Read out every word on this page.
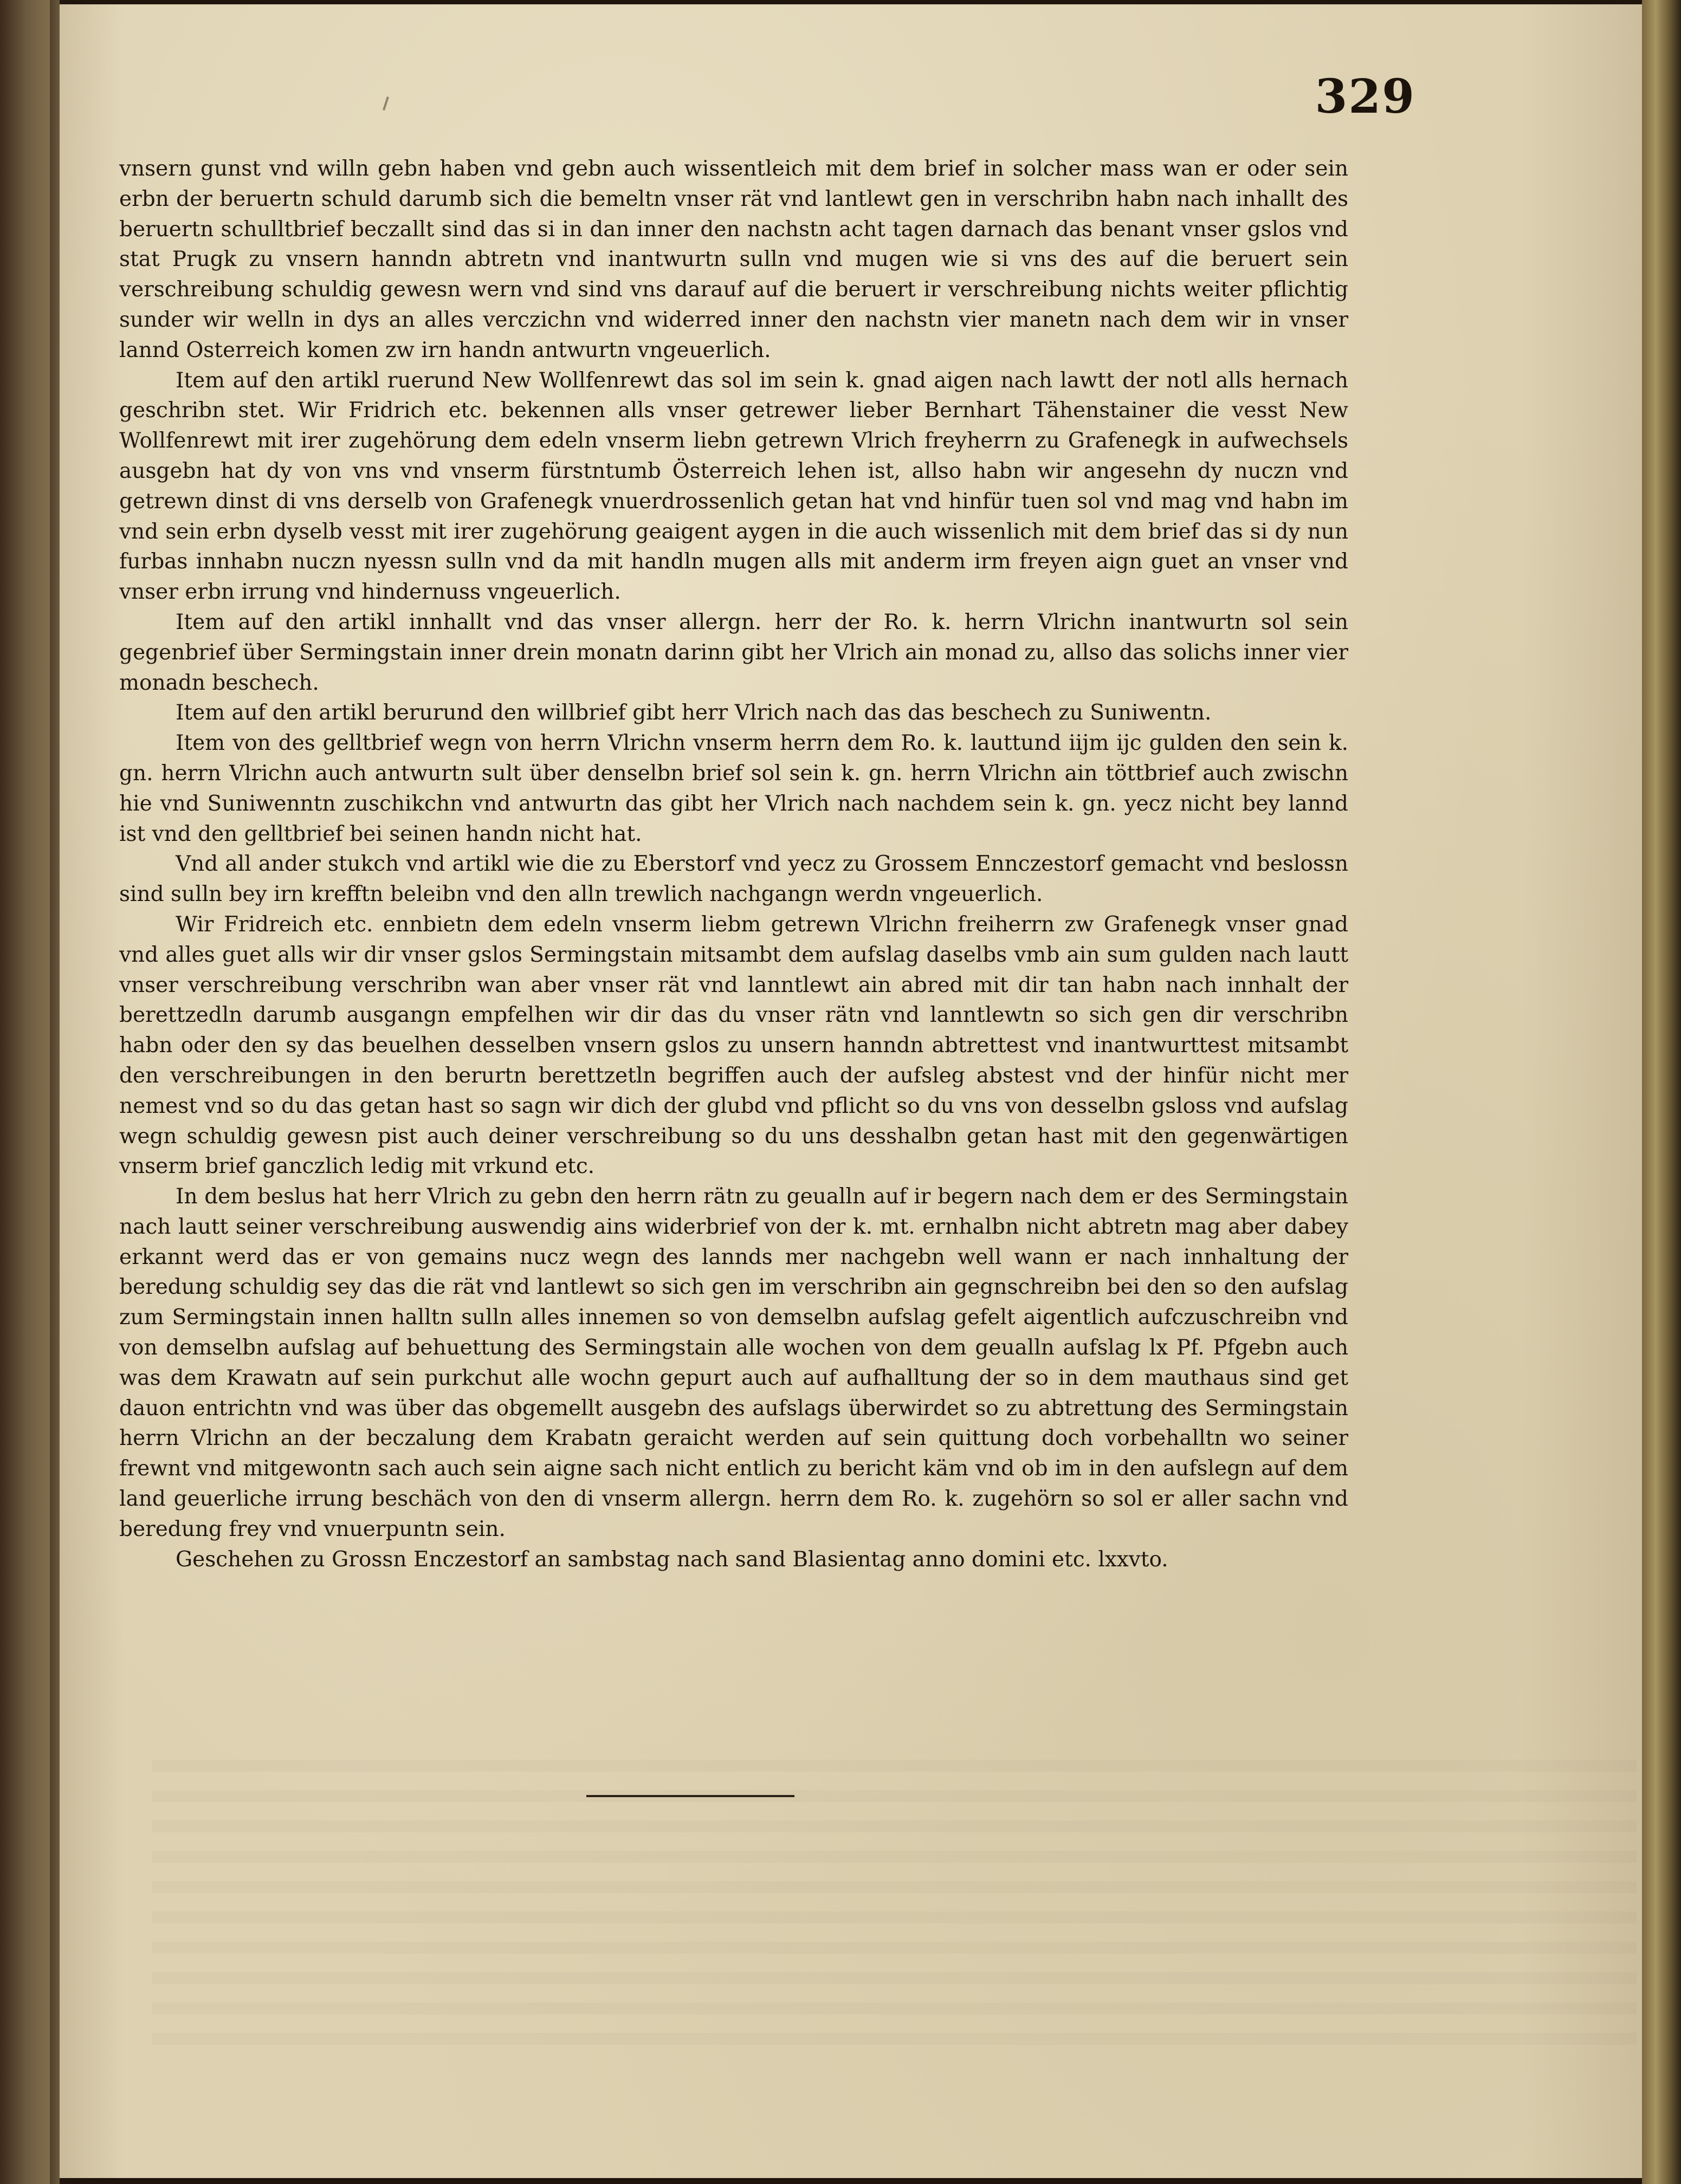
329

vnsern gunst vnd willn gebn haben vnd gebn auch wissentleich mit dem brief in solcher mass wan er oder sein erbn der beruertn schuld darumb sich die bemeltn vnser rät vnd lantlewt gen in verschribn habn nach inhallt des beruertn schulltbrief beczallt sind das si in dan inner den nachstn acht tagen darnach das benant vnser gslos vnd stat Prugk zu vnsern hanndn abtretn vnd inantwurtn sulln vnd mugen wie si vns des auf die beruert sein verschreibung schuldig gewesn wern vnd sind vns darauf auf die beruert ir verschreibung nichts weiter pflichtig sunder wir welln in dys an alles verczichn vnd widerred inner den nachstn vier manetn nach dem wir in vnser lannd Osterreich komen zw irn handn antwurtn vngeuerlich.

Item auf den artikl ruerund New Wollfenrewt das sol im sein k. gnad aigen nach lawtt der notl alls hernach geschribn stet. Wir Fridrich etc. bekennen alls vnser getrewer lieber Bernhart Tähenstainer die vesst New Wollfenrewt mit irer zugehörung dem edeln vnserm liebn getrewn Vlrich freyherrn zu Grafenegk in aufwechsels ausgebn hat dy von vns vnd vnserm fürstntumb Österreich lehen ist, allso habn wir angesehn dy nuczn vnd getrewn dinst di vns derselb von Grafenegk vnuerdrossenlich getan hat vnd hinfür tuen sol vnd mag vnd habn im vnd sein erbn dyselb vesst mit irer zugehörung geaigent aygen in die auch wissenlich mit dem brief das si dy nun furbas innhabn nuczn nyessn sulln vnd da mit handln mugen alls mit anderm irm freyen aign guet an vnser vnd vnser erbn irrung vnd hindernuss vngeuerlich.

Item auf den artikl innhallt vnd das vnser allergn. herr der Ro. k. herrn Vlrichn inantwurtn sol sein gegenbrief über Sermingstain inner drein monatn darinn gibt her Vlrich ain monad zu, allso das solichs inner vier monadn beschech.

Item auf den artikl berurund den willbrief gibt herr Vlrich nach das das beschech zu Suniwentn.

Item von des gelltbrief wegn von herrn Vlrichn vnserm herrn dem Ro. k. lauttund iijm ijc gulden den sein k. gn. herrn Vlrichn auch antwurtn sult über denselbn brief sol sein k. gn. herrn Vlrichn ain töttbrief auch zwischn hie vnd Suniwenntn zuschikchn vnd antwurtn das gibt her Vlrich nach nachdem sein k. gn. yecz nicht bey lannd ist vnd den gelltbrief bei seinen handn nicht hat.

Vnd all ander stukch vnd artikl wie die zu Eberstorf vnd yecz zu Grossem Ennczestorf gemacht vnd beslossn sind sulln bey irn krefftn beleibn vnd den alln trewlich nachgangn werdn vngeuerlich.

Wir Fridreich etc. ennbietn dem edeln vnserm liebm getrewn Vlrichn freiherrn zw Grafenegk vnser gnad vnd alles guet alls wir dir vnser gslos Sermingstain mitsambt dem aufslag daselbs vmb ain sum gulden nach lautt vnser verschreibung verschribn wan aber vnser rät vnd lanntlewt ain abred mit dir tan habn nach innhalt der berettzedln darumb ausgangn empfelhen wir dir das du vnser rätn vnd lanntlewtn so sich gen dir verschribn habn oder den sy das beuelhen desselben vnsern gslos zu unsern hanndn abtrettest vnd inantwurttest mitsambt den verschreibungen in den berurtn berettzetln begriffen auch der aufsleg abstest vnd der hinfür nicht mer nemest vnd so du das getan hast so sagn wir dich der glubd vnd pflicht so du vns von desselbn gsloss vnd aufslag wegn schuldig gewesn pist auch deiner verschreibung so du uns desshalbn getan hast mit den gegenwärtigen vnserm brief ganczlich ledig mit vrkund etc.

In dem beslus hat herr Vlrich zu gebn den herrn rätn zu geualln auf ir begern nach dem er des Sermingstain nach lautt seiner verschreibung auswendig ains widerbrief von der k. mt. ernhalbn nicht abtretn mag aber dabey erkannt werd das er von gemains nucz wegn des lannds mer nachgebn well wann er nach innhaltung der beredung schuldig sey das die rät vnd lantlewt so sich gen im verschribn ain gegnschreibn bei den so den aufslag zum Sermingstain innen halltn sulln alles innemen so von demselbn aufslag gefelt aigentlich aufczuschreibn vnd von demselbn aufslag auf behuettung des Sermingstain alle wochen von dem geualln aufslag lx Pf. Pfgebn auch was dem Krawatn auf sein purkchut alle wochn gepurt auch auf aufhalltung der so in dem mauthaus sind get dauon entrichtn vnd was über das obgemellt ausgebn des aufslags überwirdet so zu abtrettung des Sermingstain herrn Vlrichn an der beczalung dem Krabatn geraicht werden auf sein quittung doch vorbehalltn wo seiner frewnt vnd mitgewontn sach auch sein aigne sach nicht entlich zu bericht käm vnd ob im in den aufslegn auf dem land geuerliche irrung beschäch von den di vnserm allergn. herrn dem Ro. k. zugehörn so sol er aller sachn vnd beredung frey vnd vnuerpuntn sein.

Geschehen zu Grossn Enczestorf an sambstag nach sand Blasientag anno domini etc. lxxvto.
